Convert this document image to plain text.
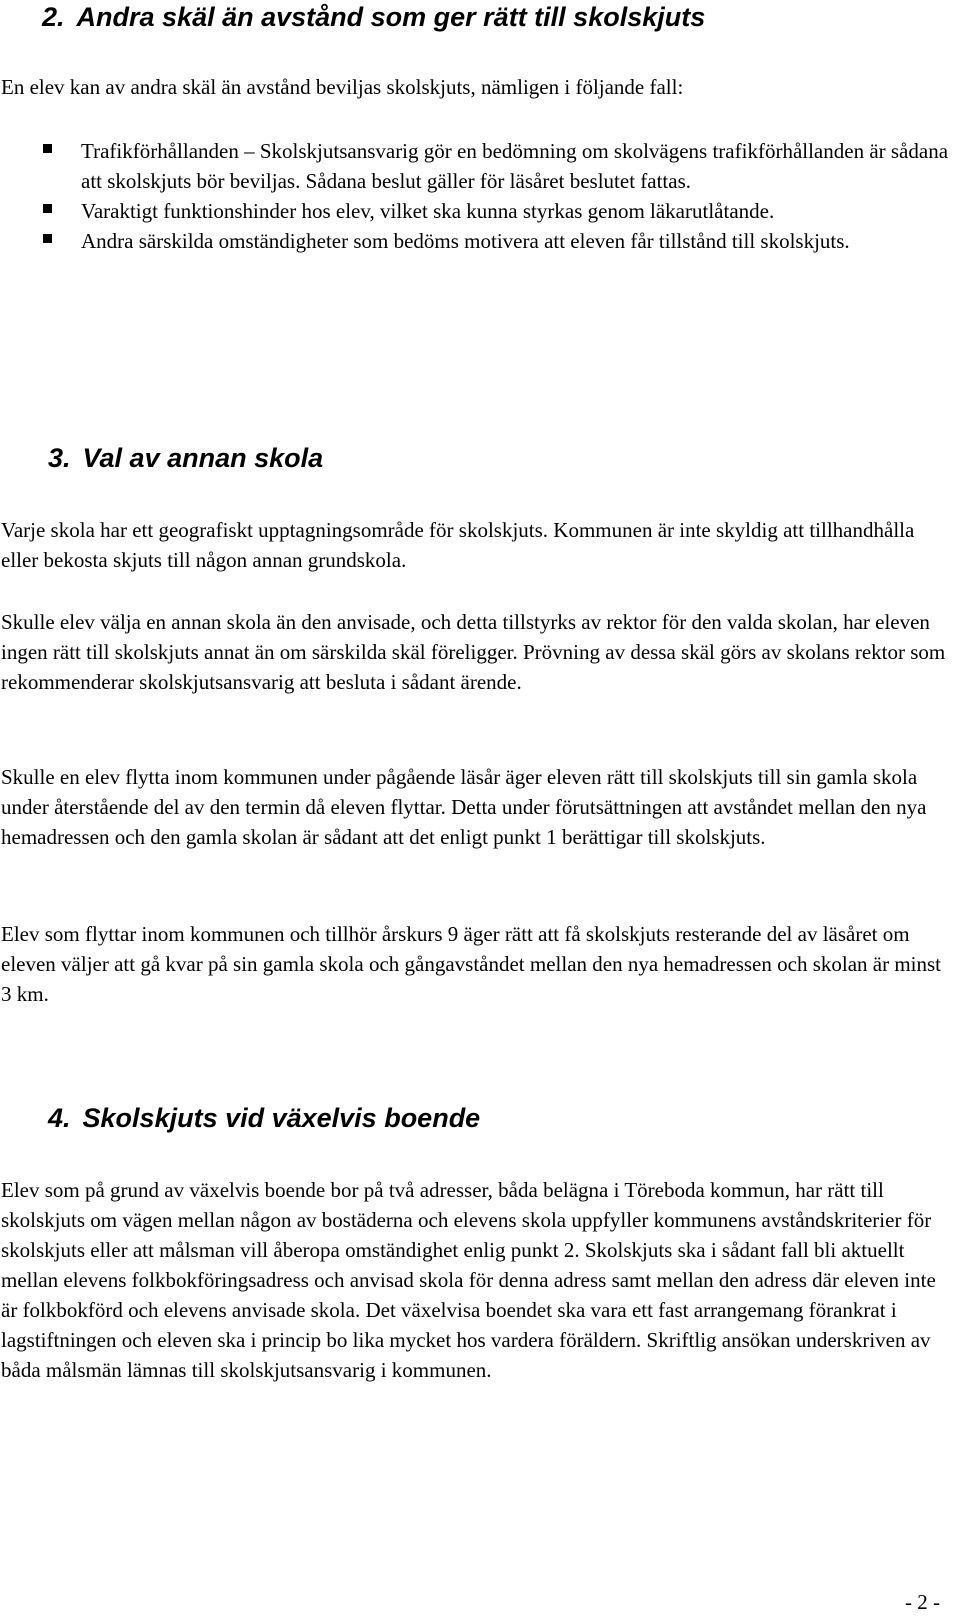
2. Andra skäl än avstånd som ger rätt till skolskjuts

En elev kan av andra skäl än avstånd beviljas skolskjuts, nämligen i följande fall:

Trafikförhållanden – Skolskjutsansvarig gör en bedömning om skolvägens trafikförhållanden är sådana att skolskjuts bör beviljas. Sådana beslut gäller för läsåret beslutet fattas.
Varaktigt funktionshinder hos elev, vilket ska kunna styrkas genom läkarutlåtande.
Andra särskilda omständigheter som bedöms motivera att eleven får tillstånd till skolskjuts.
3. Val av annan skola

Varje skola har ett geografiskt upptagningsområde för skolskjuts. Kommunen är inte skyldig att tillhandhålla eller bekosta skjuts till någon annan grundskola.

Skulle elev välja en annan skola än den anvisade, och detta tillstyrks av rektor för den valda skolan, har eleven ingen rätt till skolskjuts annat än om särskilda skäl föreligger. Prövning av dessa skäl görs av skolans rektor som rekommenderar skolskjutsansvarig att besluta i sådant ärende.

Skulle en elev flytta inom kommunen under pågående läsår äger eleven rätt till skolskjuts till sin gamla skola under återstående del av den termin då eleven flyttar. Detta under förutsättningen att avståndet mellan den nya hemadressen och den gamla skolan är sådant att det enligt punkt 1 berättigar till skolskjuts.

Elev som flyttar inom kommunen och tillhör årskurs 9 äger rätt att få skolskjuts resterande del av läsåret om eleven väljer att gå kvar på sin gamla skola och gångavståndet mellan den nya hemadressen och skolan är minst 3 km.

4. Skolskjuts vid växelvis boende

Elev som på grund av växelvis boende bor på två adresser, båda belägna i Töreboda kommun, har rätt till skolskjuts om vägen mellan någon av bostäderna och elevens skola uppfyller kommunens avståndskriterier för skolskjuts eller att målsman vill åberopa omständighet enlig punkt 2. Skolskjuts ska i sådant fall bli aktuellt mellan elevens folkbokföringsadress och anvisad skola för denna adress samt mellan den adress där eleven inte är folkbokförd och elevens anvisade skola. Det växelvisa boendet ska vara ett fast arrangemang förankrat i lagstiftningen och eleven ska i princip bo lika mycket hos vardera föräldern. Skriftlig ansökan underskriven av båda målsmän lämnas till skolskjutsansvarig i kommunen.

- 2 -
